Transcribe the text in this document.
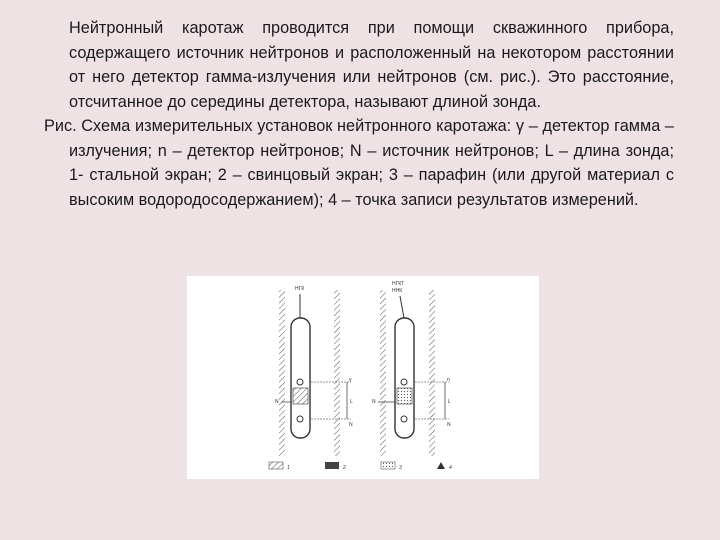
Нейтронный каротаж проводится при помощи скважинного прибора, содержащего источник нейтронов и расположенный на некотором расстоянии от него детектор гамма-излучения или нейтронов (см. рис.). Это расстояние, отсчитанное до середины детектора, называют длиной зонда.

Рис. Схема измерительных установок нейтронного каротажа: γ – детектор гамма – излучения; n – детектор нейтронов; N – источник нейтронов; L – длина зонда; 1- стальной экран; 2 – свинцовый экран; 3 – парафин (или другой материал с высоким водородосодержанием); 4 – точка записи результатов измерений.

НГК
γ
L
N
N
НГКТ
ННК
n
L
N
N
1	2	3	4
